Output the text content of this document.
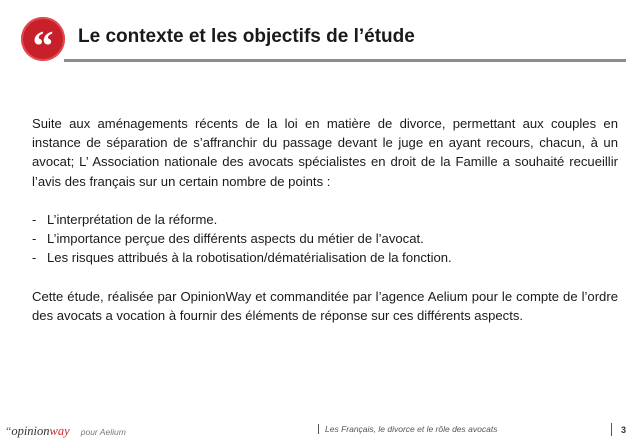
“ Le contexte et les objectifs de l’étude

Suite aux aménagements récents de la loi en matière de divorce, permettant aux couples en instance de séparation de s’affranchir du passage devant le juge en ayant recours, chacun, à un avocat; L’ Association nationale des avocats spécialistes en droit de la Famille a souhaité recueillir l’avis des français sur un certain nombre de points :

- L’interprétation de la réforme.
- L’importance perçue des différents aspects du métier de l’avocat.
- Les risques attribués à la robotisation/dématérialisation de la fonction.

Cette étude, réalisée par OpinionWay et commanditée par l’agence Aelium pour le compte de l’ordre des avocats a vocation à fournir des éléments de réponse sur ces différents aspects.

“opinionway pour Aelium	Les Français, le divorce et le rôle des avocats	3
